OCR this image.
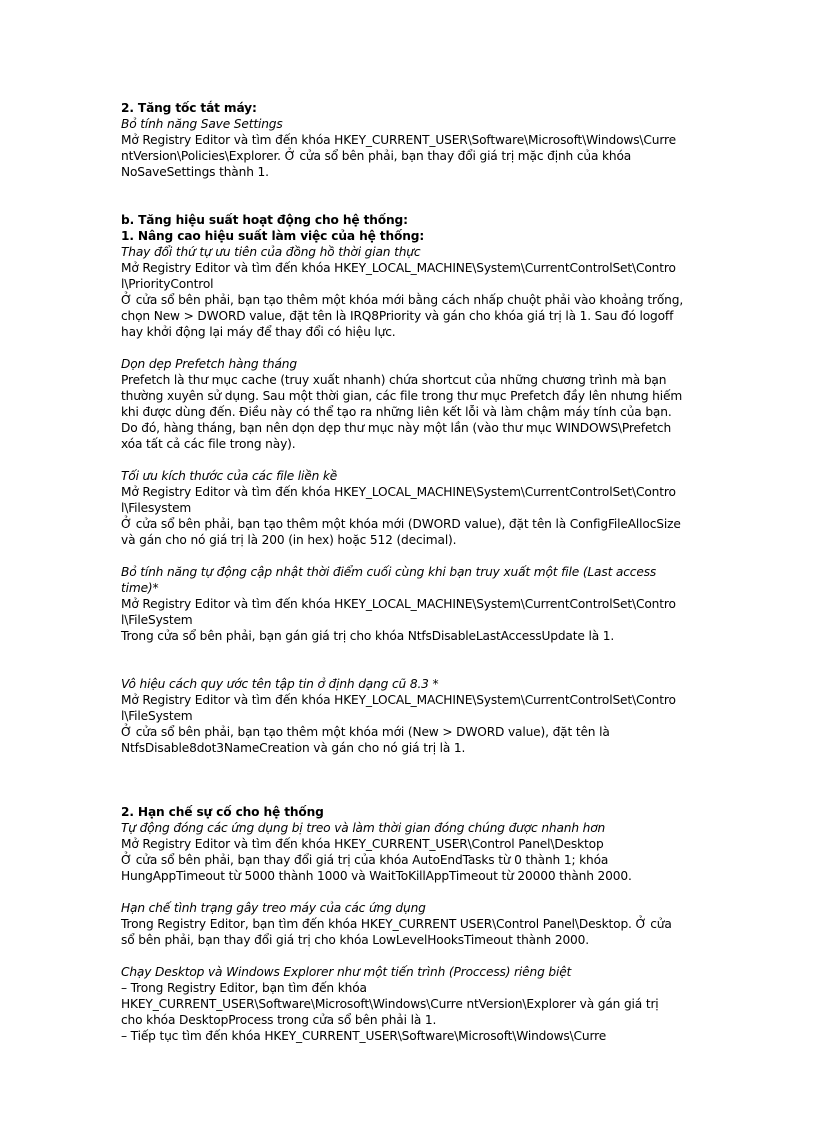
2. Tăng tốc tắt máy:
Bỏ tính năng Save Settings
Mở Registry Editor và tìm đến khóa HKEY_CURRENT_USER\Software\Microsoft\Windows\Curre
ntVersion\Policies\Explorer. Ở cửa sổ bên phải, bạn thay đổi giá trị mặc định của khóa
NoSaveSettings thành 1.
b. Tăng hiệu suất hoạt động cho hệ thống:
1. Nâng cao hiệu suất làm việc của hệ thống:
Thay đổi thứ tự ưu tiên của đồng hồ thời gian thực
Mở Registry Editor và tìm đến khóa HKEY_LOCAL_MACHINE\System\CurrentControlSet\Contro
l\PriorityControl
Ở cửa sổ bên phải, bạn tạo thêm một khóa mới bằng cách nhấp chuột phải vào khoảng trống,
chọn New > DWORD value, đặt tên là IRQ8Priority và gán cho khóa giá trị là 1. Sau đó logoff
hay khởi động lại máy để thay đổi có hiệu lực.
Dọn dẹp Prefetch hàng tháng
Prefetch là thư mục cache (truy xuất nhanh) chứa shortcut của những chương trình mà bạn
thường xuyên sử dụng. Sau một thời gian, các file trong thư mục Prefetch đầy lên nhưng hiếm
khi được dùng đến. Điều này có thể tạo ra những liên kết lỗi và làm chậm máy tính của bạn.
Do đó, hàng tháng, bạn nên dọn dẹp thư mục này một lần (vào thư mục WINDOWS\Prefetch
xóa tất cả các file trong này).
Tối ưu kích thước của các file liền kề
Mở Registry Editor và tìm đến khóa HKEY_LOCAL_MACHINE\System\CurrentControlSet\Contro
l\Filesystem
Ở cửa sổ bên phải, bạn tạo thêm một khóa mới (DWORD value), đặt tên là ConfigFileAllocSize
và gán cho nó giá trị là 200 (in hex) hoặc 512 (decimal).
Bỏ tính năng tự động cập nhật thời điểm cuối cùng khi bạn truy xuất một file (Last access
time)*
Mở Registry Editor và tìm đến khóa HKEY_LOCAL_MACHINE\System\CurrentControlSet\Contro
l\FileSystem
Trong cửa sổ bên phải, bạn gán giá trị cho khóa NtfsDisableLastAccessUpdate là 1.
Vô hiệu cách quy ước tên tập tin ở định dạng cũ 8.3 *
Mở Registry Editor và tìm đến khóa HKEY_LOCAL_MACHINE\System\CurrentControlSet\Contro
l\FileSystem
Ở cửa sổ bên phải, bạn tạo thêm một khóa mới (New > DWORD value), đặt tên là
NtfsDisable8dot3NameCreation và gán cho nó giá trị là 1.
2. Hạn chế sự cố cho hệ thống
Tự động đóng các ứng dụng bị treo và làm thời gian đóng chúng được nhanh hơn
Mở Registry Editor và tìm đến khóa HKEY_CURRENT_USER\Control Panel\Desktop
Ở cửa sổ bên phải, bạn thay đổi giá trị của khóa AutoEndTasks từ 0 thành 1; khóa
HungAppTimeout từ 5000 thành 1000 và WaitToKillAppTimeout từ 20000 thành 2000.
Hạn chế tình trạng gây treo máy của các ứng dụng
Trong Registry Editor, bạn tìm đến khóa HKEY_CURRENT USER\Control Panel\Desktop. Ở cửa
sổ bên phải, bạn thay đổi giá trị cho khóa LowLevelHooksTimeout thành 2000.
Chạy Desktop và Windows Explorer như một tiến trình (Proccess) riêng biệt
– Trong Registry Editor, bạn tìm đến khóa
HKEY_CURRENT_USER\Software\Microsoft\Windows\Curre ntVersion\Explorer và gán giá trị
cho khóa DesktopProcess trong cửa sổ bên phải là 1.
– Tiếp tục tìm đến khóa HKEY_CURRENT_USER\Software\Microsoft\Windows\Curre
